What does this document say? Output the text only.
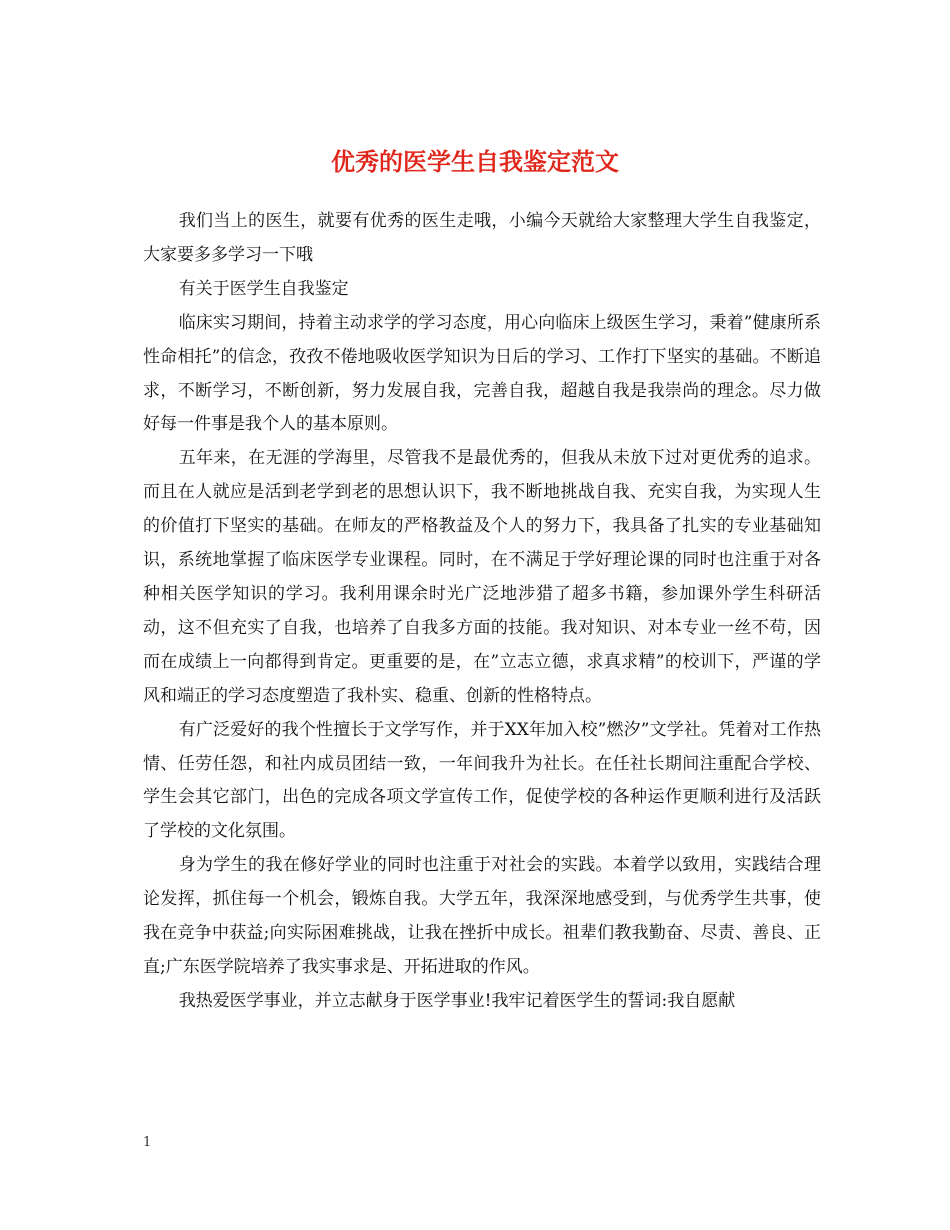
优秀的医学生自我鉴定范文

我们当上的医生，就要有优秀的医生走哦，小编今天就给大家整理大学生自我鉴定，大家要多多学习一下哦

有关于医学生自我鉴定

临床实习期间，持着主动求学的学习态度，用心向临床上级医生学习，秉着”健康所系性命相托”的信念，孜孜不倦地吸收医学知识为日后的学习、工作打下坚实的基础。不断追求，不断学习，不断创新，努力发展自我，完善自我，超越自我是我崇尚的理念。尽力做好每一件事是我个人的基本原则。

五年来，在无涯的学海里，尽管我不是最优秀的，但我从未放下过对更优秀的追求。而且在人就应是活到老学到老的思想认识下，我不断地挑战自我、充实自我，为实现人生的价值打下坚实的基础。在师友的严格教益及个人的努力下，我具备了扎实的专业基础知识，系统地掌握了临床医学专业课程。同时，在不满足于学好理论课的同时也注重于对各种相关医学知识的学习。我利用课余时光广泛地涉猎了超多书籍，参加课外学生科研活动，这不但充实了自我，也培养了自我多方面的技能。我对知识、对本专业一丝不苟，因而在成绩上一向都得到肯定。更重要的是，在”立志立德，求真求精”的校训下，严谨的学风和端正的学习态度塑造了我朴实、稳重、创新的性格特点。

有广泛爱好的我个性擅长于文学写作，并于XX年加入校”燃汐”文学社。凭着对工作热情、任劳任怨，和社内成员团结一致，一年间我升为社长。在任社长期间注重配合学校、学生会其它部门，出色的完成各项文学宣传工作，促使学校的各种运作更顺利进行及活跃了学校的文化氛围。

身为学生的我在修好学业的同时也注重于对社会的实践。本着学以致用，实践结合理论发挥，抓住每一个机会，锻炼自我。大学五年，我深深地感受到，与优秀学生共事，使我在竞争中获益;向实际困难挑战，让我在挫折中成长。祖辈们教我勤奋、尽责、善良、正直;广东医学院培养了我实事求是、开拓进取的作风。

我热爱医学事业，并立志献身于医学事业!我牢记着医学生的誓词:我自愿献

1
